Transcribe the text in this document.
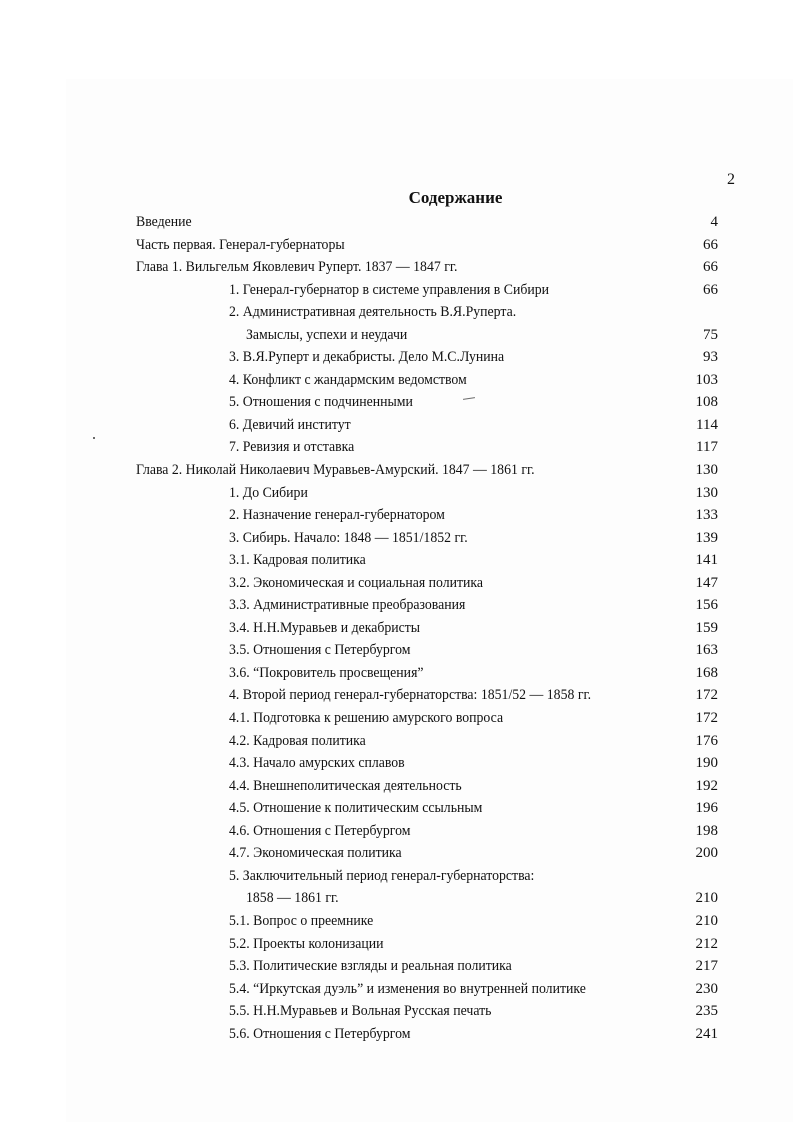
2
Содержание
Введение	4
Часть первая. Генерал-губернаторы	66
Глава 1. Вильгельм Яковлевич Руперт. 1837 — 1847 гг.	66
1. Генерал-губернатор в системе управления в Сибири	66
2. Административная деятельность В.Я.Руперта.
Замыслы, успехи и неудачи	75
3. В.Я.Руперт и декабристы. Дело М.С.Лунина	93
4. Конфликт с жандармским ведомством	103
5. Отношения с подчиненными	108
6. Девичий институт	114
7. Ревизия и отставка	117
Глава 2. Николай Николаевич Муравьев-Амурский. 1847 — 1861 гг.	130
1. До Сибири	130
2. Назначение генерал-губернатором	133
3. Сибирь. Начало: 1848 — 1851/1852 гг.	139
3.1. Кадровая политика	141
3.2. Экономическая и социальная политика	147
3.3. Административные преобразования	156
3.4. Н.Н.Муравьев и декабристы	159
3.5. Отношения с Петербургом	163
3.6. “Покровитель просвещения”	168
4. Второй период генерал-губернаторства: 1851/52 — 1858 гг.	172
4.1. Подготовка к решению амурского вопроса	172
4.2. Кадровая политика	176
4.3. Начало амурских сплавов	190
4.4. Внешнеполитическая деятельность	192
4.5. Отношение к политическим ссыльным	196
4.6. Отношения с Петербургом	198
4.7. Экономическая политика	200
5. Заключительный период генерал-губернаторства:
1858 — 1861 гг.	210
5.1. Вопрос о преемнике	210
5.2. Проекты колонизации	212
5.3. Политические взгляды и реальная политика	217
5.4. “Иркутская дуэль” и изменения во внутренней политике	230
5.5. Н.Н.Муравьев и Вольная Русская печать	235
5.6. Отношения с Петербургом	241
